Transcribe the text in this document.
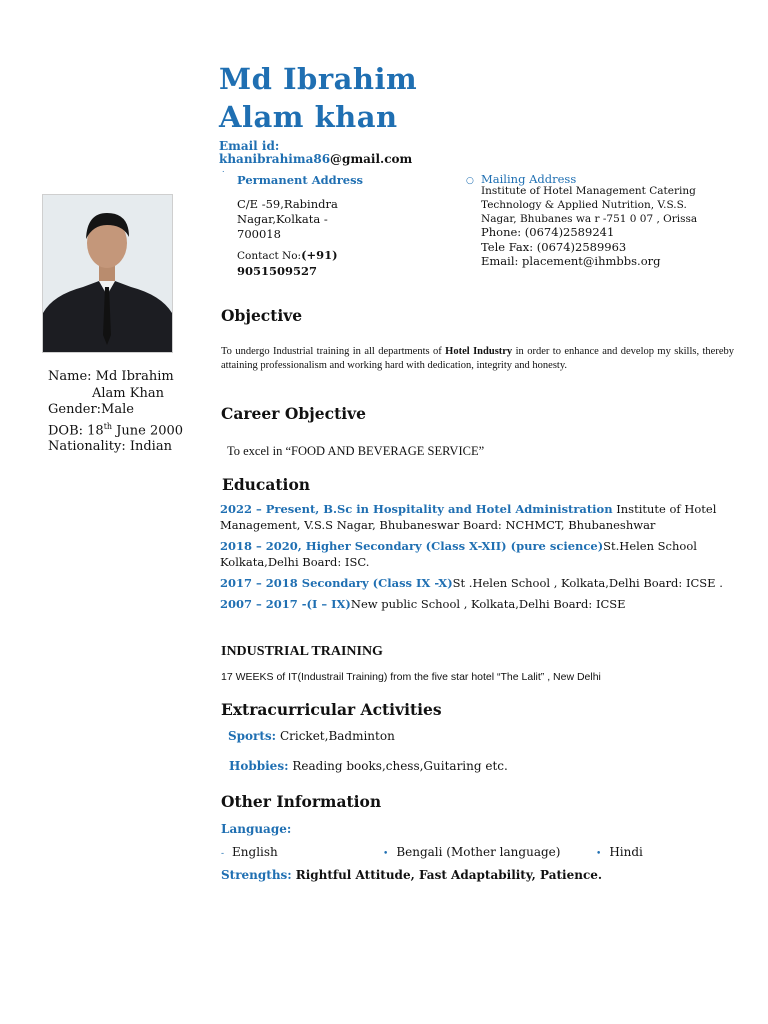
Md Ibrahim
Alam khan
Email id:
khanibrahima86@gmail.com
˙ Permanent Address
C/E -59,Rabindra
Nagar,Kolkata -
700018
Contact No:(+91)
9051509527
○ Mailing Address
Institute of Hotel Management Catering
Technology & Applied Nutrition, V.S.S.
Nagar, Bhubanes wa r -751 0 07 , Orissa
Phone: (0674)2589241
Tele Fax: (0674)2589963
Email: placement@ihmbbs.org
Name: Md Ibrahim
Alam Khan
Gender:Male
DOB: 18th June 2000
Nationality: Indian
Objective
To undergo Industrial training in all departments of Hotel Industry in order to enhance and develop my skills, thereby attaining professionalism and working hard with dedication, integrity and honesty.
Career Objective
To excel in “FOOD AND BEVERAGE SERVICE”
Education
2022 – Present, B.Sc in Hospitality and Hotel Administration Institute of Hotel Management, V.S.S Nagar, Bhubaneswar Board: NCHMCT, Bhubaneshwar
2018 – 2020, Higher Secondary (Class X-XII) (pure science)St.Helen School Kolkata,Delhi Board: ISC.
2017 – 2018 Secondary (Class IX -X)St .Helen School , Kolkata,Delhi Board: ICSE .
2007 – 2017 -(I – IX)New public School , Kolkata,Delhi Board: ICSE
INDUSTRIAL TRAINING
17 WEEKS of IT(Industrail Training) from the five star hotel “The Lalit” , New Delhi
Extracurricular Activities
Sports: Cricket,Badminton
Hobbies: Reading books,chess,Guitaring etc.
Other Information
Language:
- English	• Bengali (Mother language)	• Hindi
Strengths: Rightful Attitude, Fast Adaptability, Patience.
